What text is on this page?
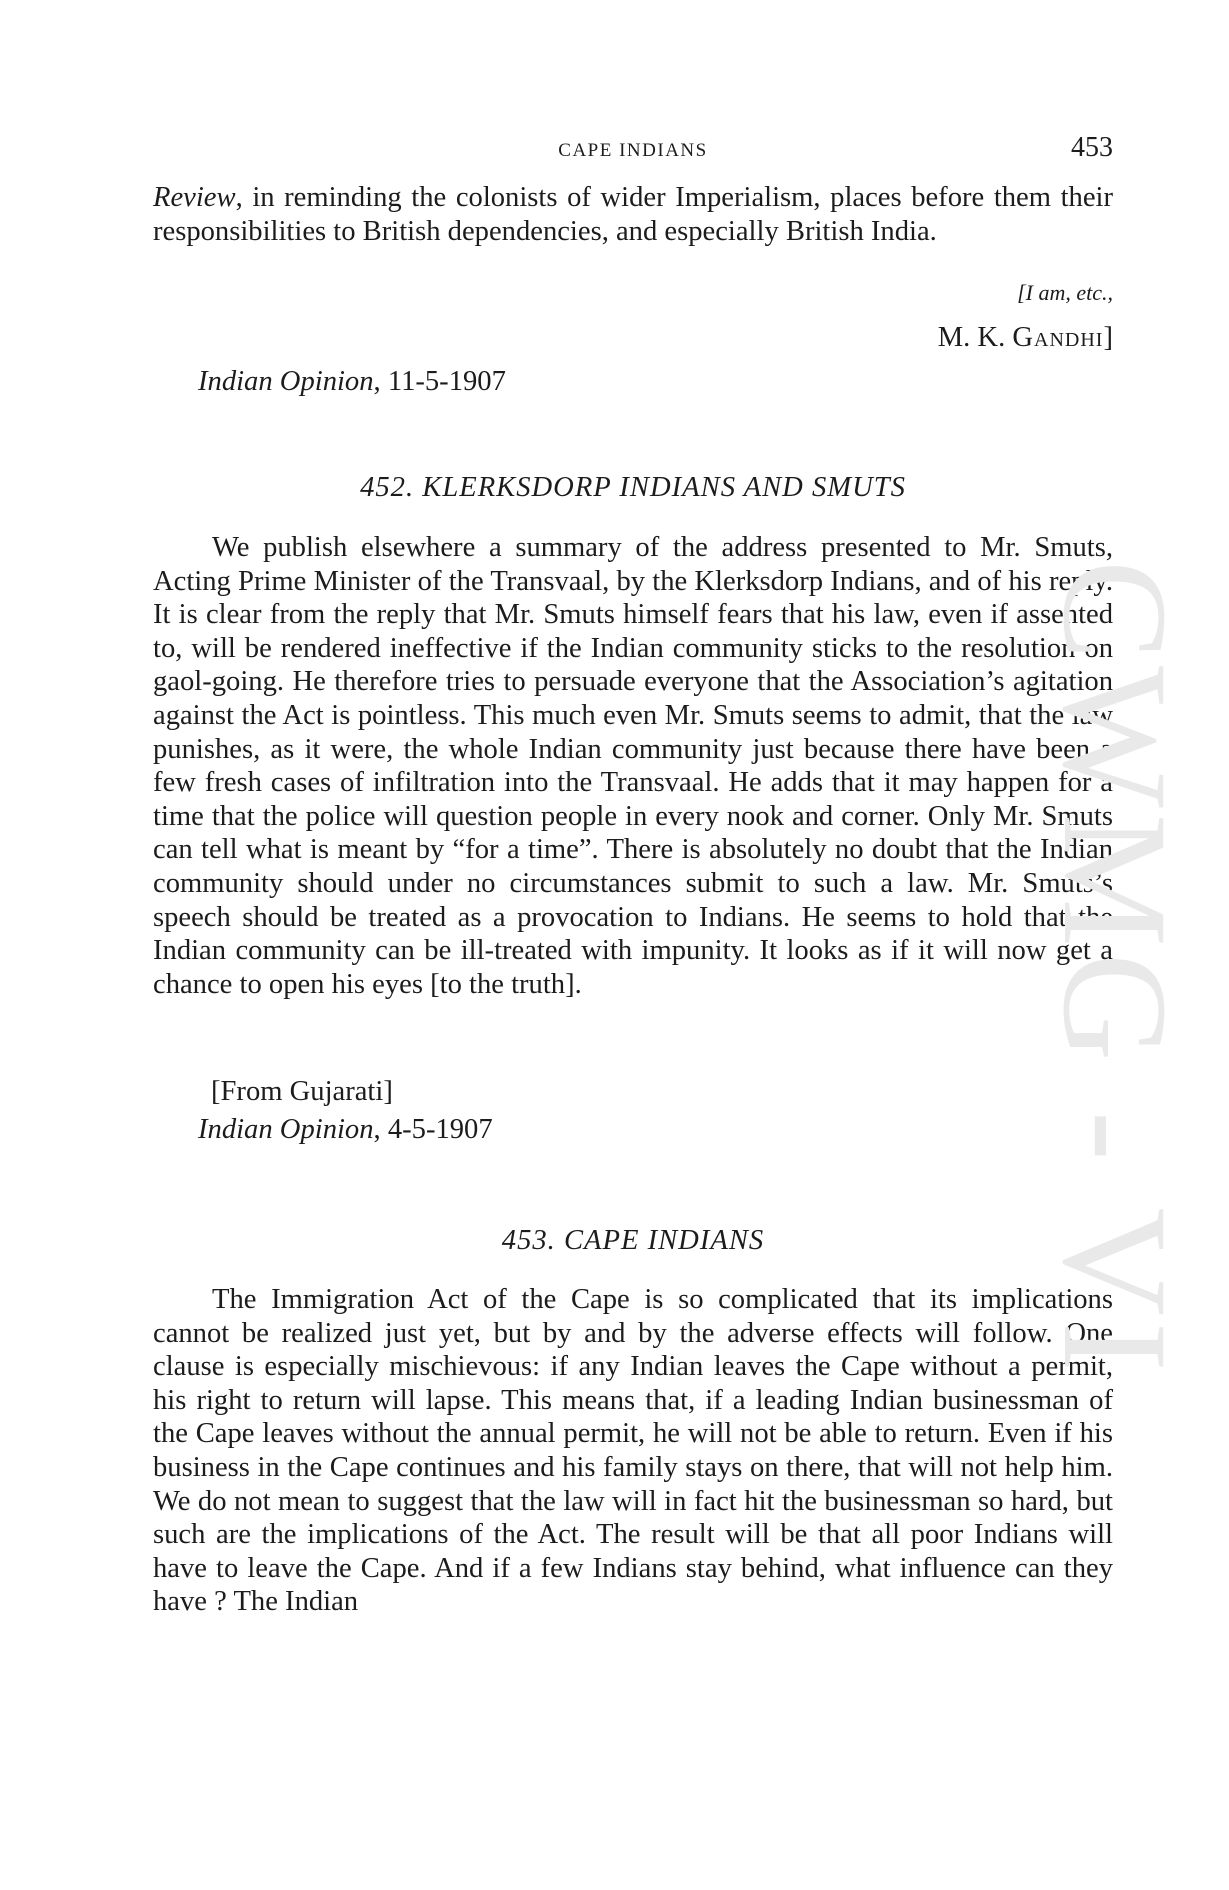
CAPE INDIANS	453

Review, in reminding the colonists of wider Imperialism, places before them their responsibilities to British dependencies, and especially British India.

[I am, etc.,
M. K. Gandhi]
Indian Opinion, 11-5-1907
452. KLERKSDORP INDIANS AND SMUTS

We publish elsewhere a summary of the address presented to Mr. Smuts, Acting Prime Minister of the Transvaal, by the Klerksdorp Indians, and of his reply. It is clear from the reply that Mr. Smuts himself fears that his law, even if assented to, will be rendered ineffective if the Indian community sticks to the resolution on gaol-going. He therefore tries to persuade everyone that the Association’s agitation against the Act is pointless. This much even Mr. Smuts seems to admit, that the law punishes, as it were, the whole Indian community just because there have been a few fresh cases of infiltration into the Transvaal. He adds that it may happen for a time that the police will question people in every nook and corner. Only Mr. Smuts can tell what is meant by “for a time”. There is absolutely no doubt that the Indian community should under no circumstances submit to such a law. Mr. Smuts’s speech should be treated as a provocation to Indians. He seems to hold that the Indian community can be ill-treated with impunity. It looks as if it will now get a chance to open his eyes [to the truth].

[From Gujarati]
Indian Opinion, 4-5-1907
453. CAPE INDIANS

The Immigration Act of the Cape is so complicated that its implications cannot be realized just yet, but by and by the adverse effects will follow. One clause is especially mischievous: if any Indian leaves the Cape without a permit, his right to return will lapse. This means that, if a leading Indian businessman of the Cape leaves without the annual permit, he will not be able to return. Even if his business in the Cape continues and his family stays on there, that will not help him. We do not mean to suggest that the law will in fact hit the businessman so hard, but such are the implications of the Act. The result will be that all poor Indians will have to leave the Cape. And if a few Indians stay behind, what influence can they have ? The Indian

CWMG - VI
